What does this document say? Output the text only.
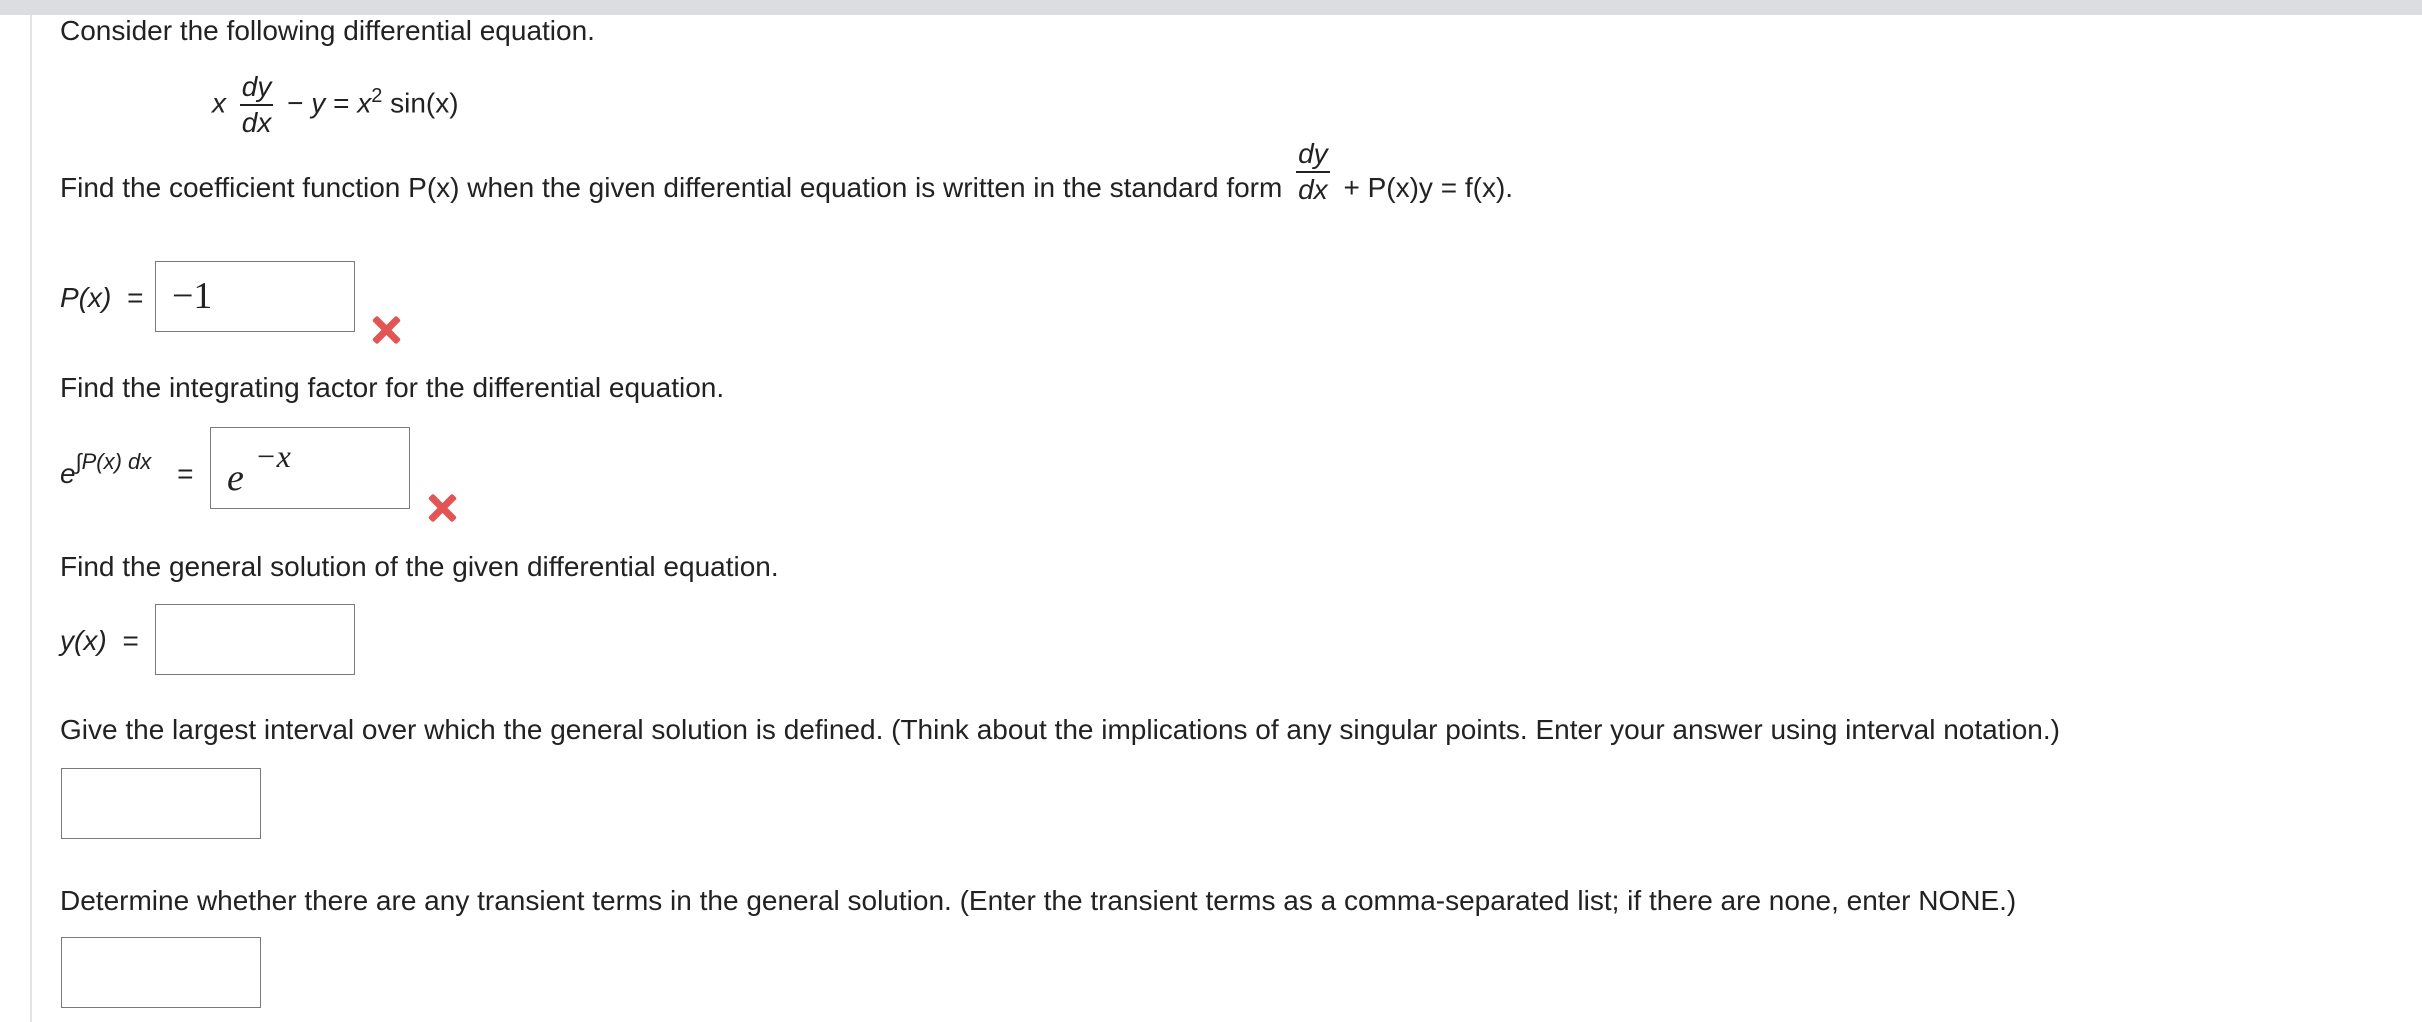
Consider the following differential equation.
x $\frac{dy}{dx} - y = x^2$ sin(x)
Find the coefficient function P(x) when the given differential equation is written in the standard form $\frac{dy}{dx} + P(x)y = f(x)$.
P(x) = −1
Find the integrating factor for the differential equation.
$e^{\int P(x) dx} = e$
−x
Find the general solution of the given differential equation.
y(x) =
Give the largest interval over which the general solution is defined. (Think about the implications of any singular points. Enter your answer using interval notation.)
Determine whether there are any transient terms in the general solution. (Enter the transient terms as a comma-separated list; if there are none, enter NONE.)
